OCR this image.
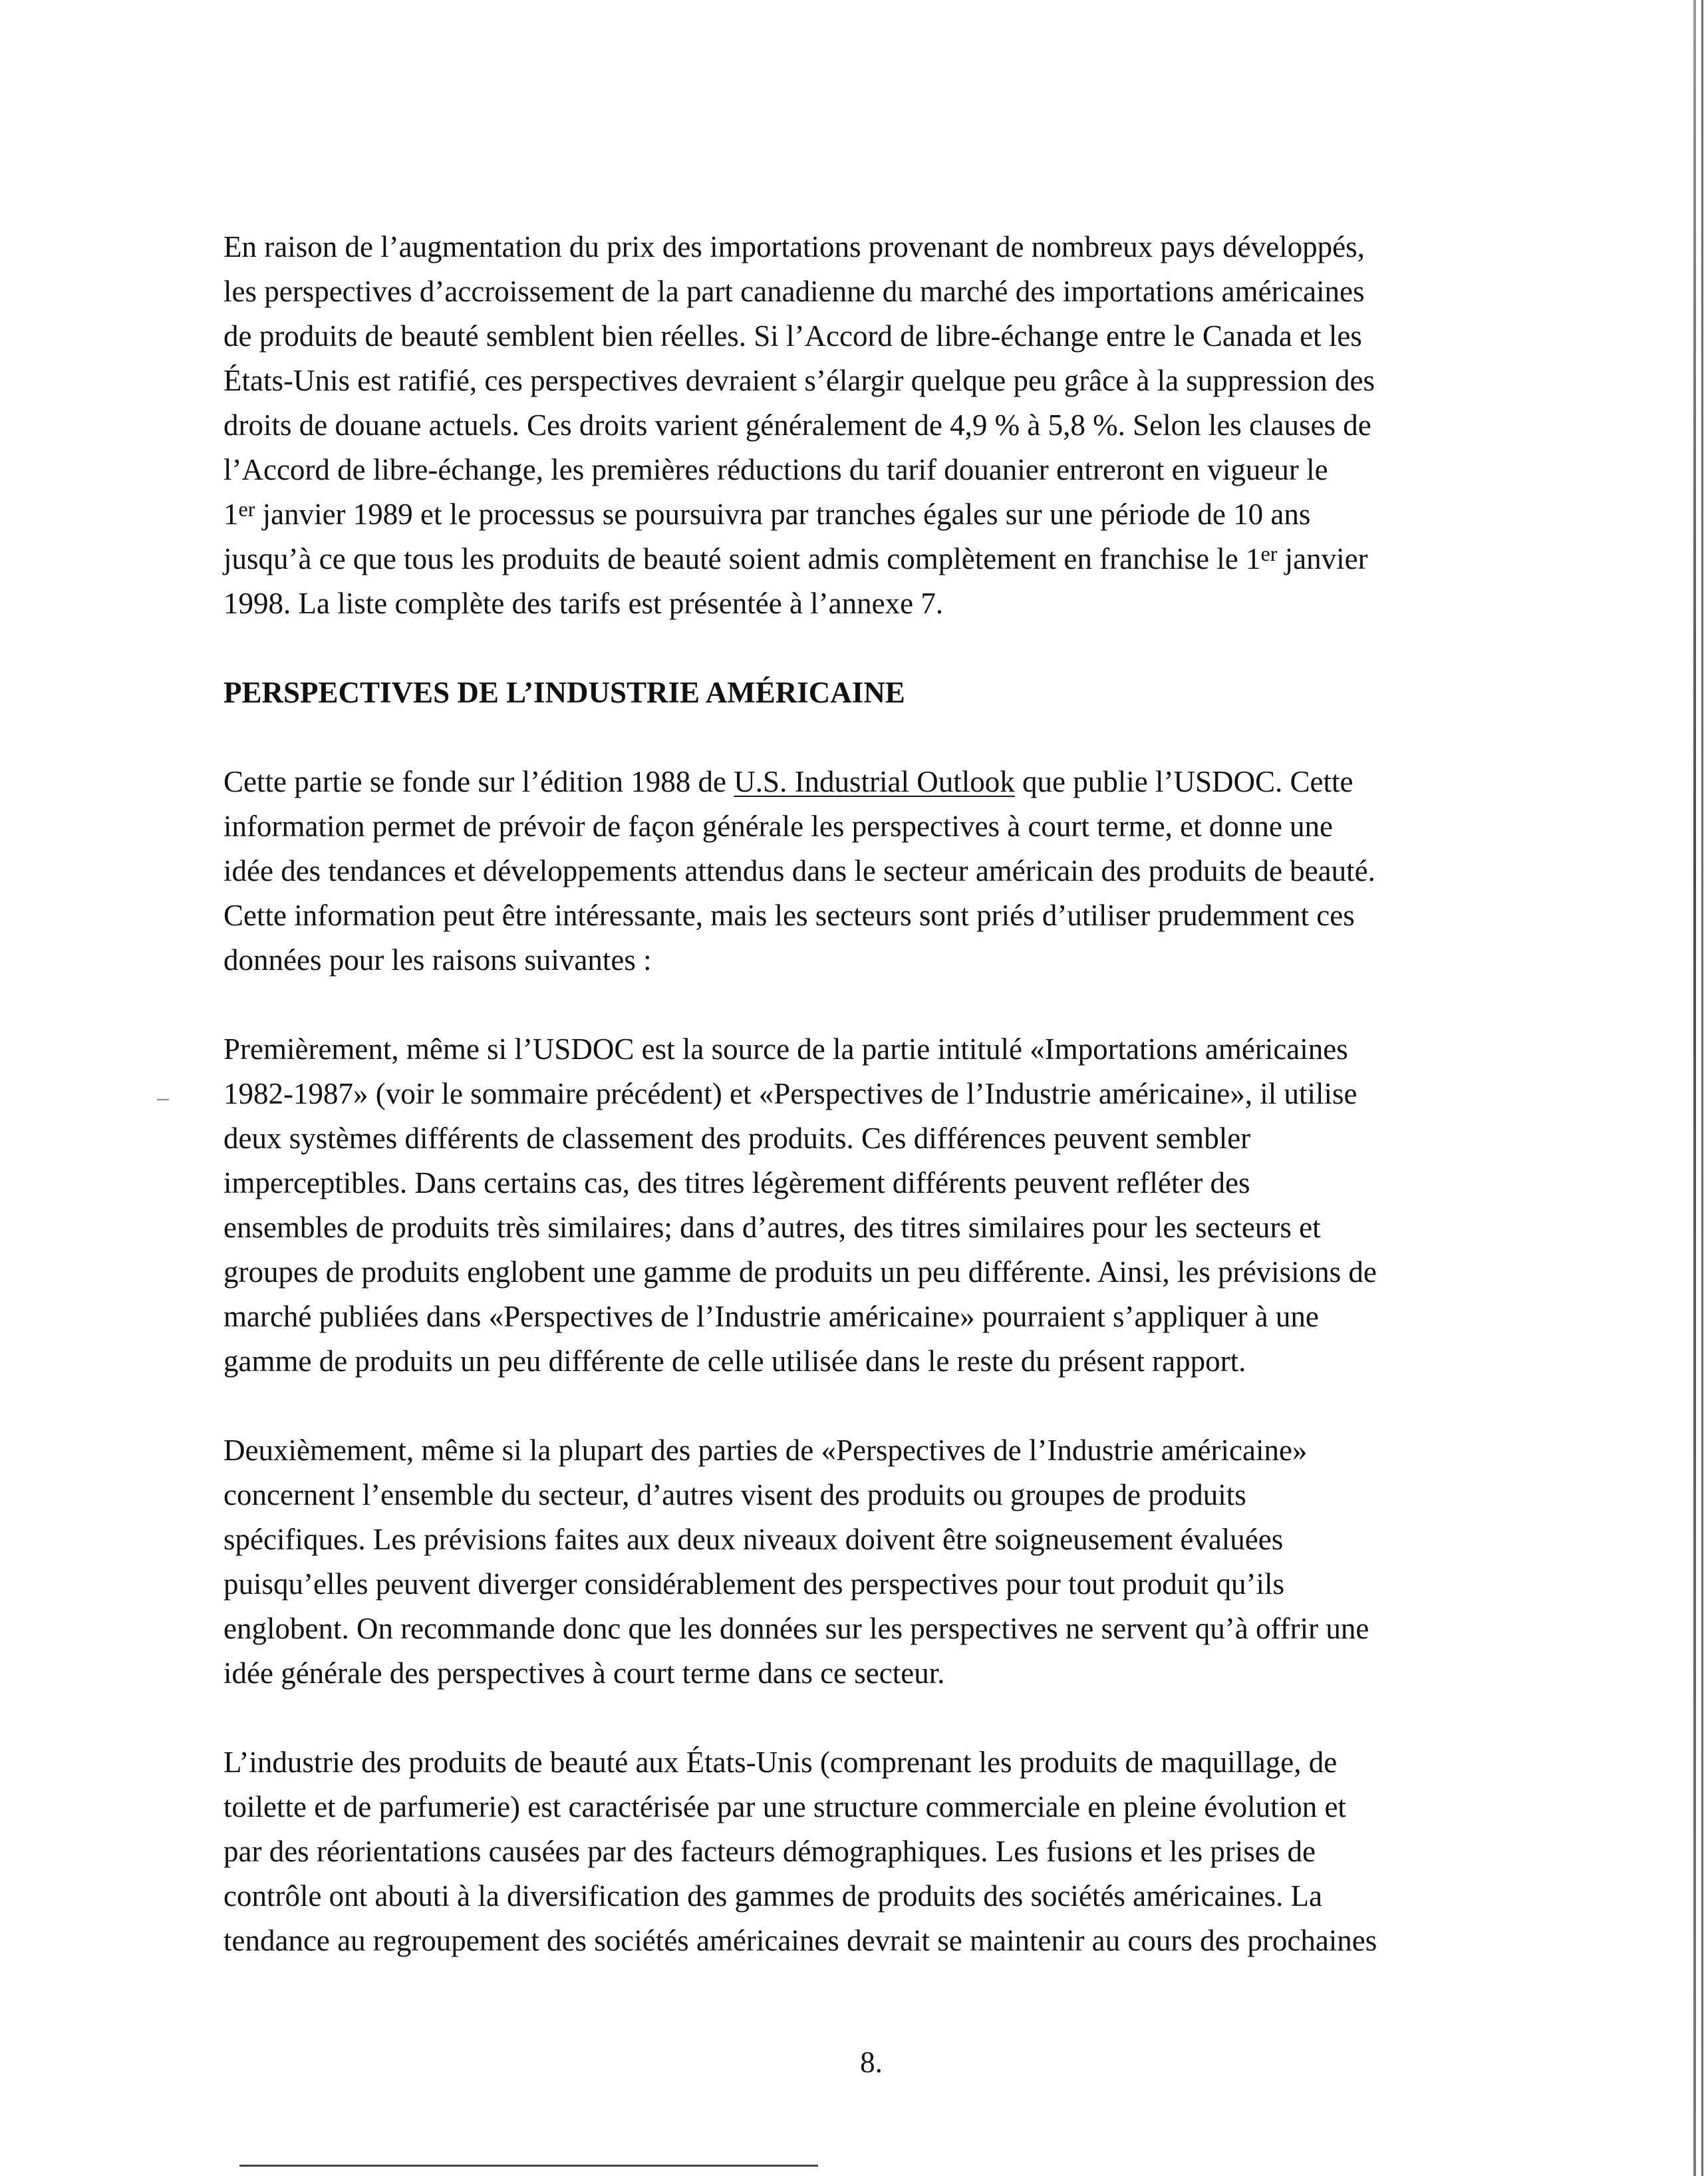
En raison de l’augmentation du prix des importations provenant de nombreux pays développés,
les perspectives d’accroissement de la part canadienne du marché des importations américaines
de produits de beauté semblent bien réelles. Si l’Accord de libre-échange entre le Canada et les
États-Unis est ratifié, ces perspectives devraient s’élargir quelque peu grâce à la suppression des
droits de douane actuels. Ces droits varient généralement de 4,9 % à 5,8 %. Selon les clauses de
l’Accord de libre-échange, les premières réductions du tarif douanier entreront en vigueur le
1er janvier 1989 et le processus se poursuivra par tranches égales sur une période de 10 ans
jusqu’à ce que tous les produits de beauté soient admis complètement en franchise le 1er janvier
1998. La liste complète des tarifs est présentée à l’annexe 7.

PERSPECTIVES DE L’INDUSTRIE AMÉRICAINE

Cette partie se fonde sur l’édition 1988 de U.S. Industrial Outlook que publie l’USDOC. Cette
information permet de prévoir de façon générale les perspectives à court terme, et donne une
idée des tendances et développements attendus dans le secteur américain des produits de beauté.
Cette information peut être intéressante, mais les secteurs sont priés d’utiliser prudemment ces
données pour les raisons suivantes :

Premièrement, même si l’USDOC est la source de la partie intitulé «Importations américaines
1982-1987» (voir le sommaire précédent) et «Perspectives de l’Industrie américaine», il utilise
deux systèmes différents de classement des produits. Ces différences peuvent sembler
imperceptibles. Dans certains cas, des titres légèrement différents peuvent refléter des
ensembles de produits très similaires; dans d’autres, des titres similaires pour les secteurs et
groupes de produits englobent une gamme de produits un peu différente. Ainsi, les prévisions de
marché publiées dans «Perspectives de l’Industrie américaine» pourraient s’appliquer à une
gamme de produits un peu différente de celle utilisée dans le reste du présent rapport.

Deuxièmement, même si la plupart des parties de «Perspectives de l’Industrie américaine»
concernent l’ensemble du secteur, d’autres visent des produits ou groupes de produits
spécifiques. Les prévisions faites aux deux niveaux doivent être soigneusement évaluées
puisqu’elles peuvent diverger considérablement des perspectives pour tout produit qu’ils
englobent. On recommande donc que les données sur les perspectives ne servent qu’à offrir une
idée générale des perspectives à court terme dans ce secteur.

L’industrie des produits de beauté aux États-Unis (comprenant les produits de maquillage, de
toilette et de parfumerie) est caractérisée par une structure commerciale en pleine évolution et
par des réorientations causées par des facteurs démographiques. Les fusions et les prises de
contrôle ont abouti à la diversification des gammes de produits des sociétés américaines. La
tendance au regroupement des sociétés américaines devrait se maintenir au cours des prochaines

8.
